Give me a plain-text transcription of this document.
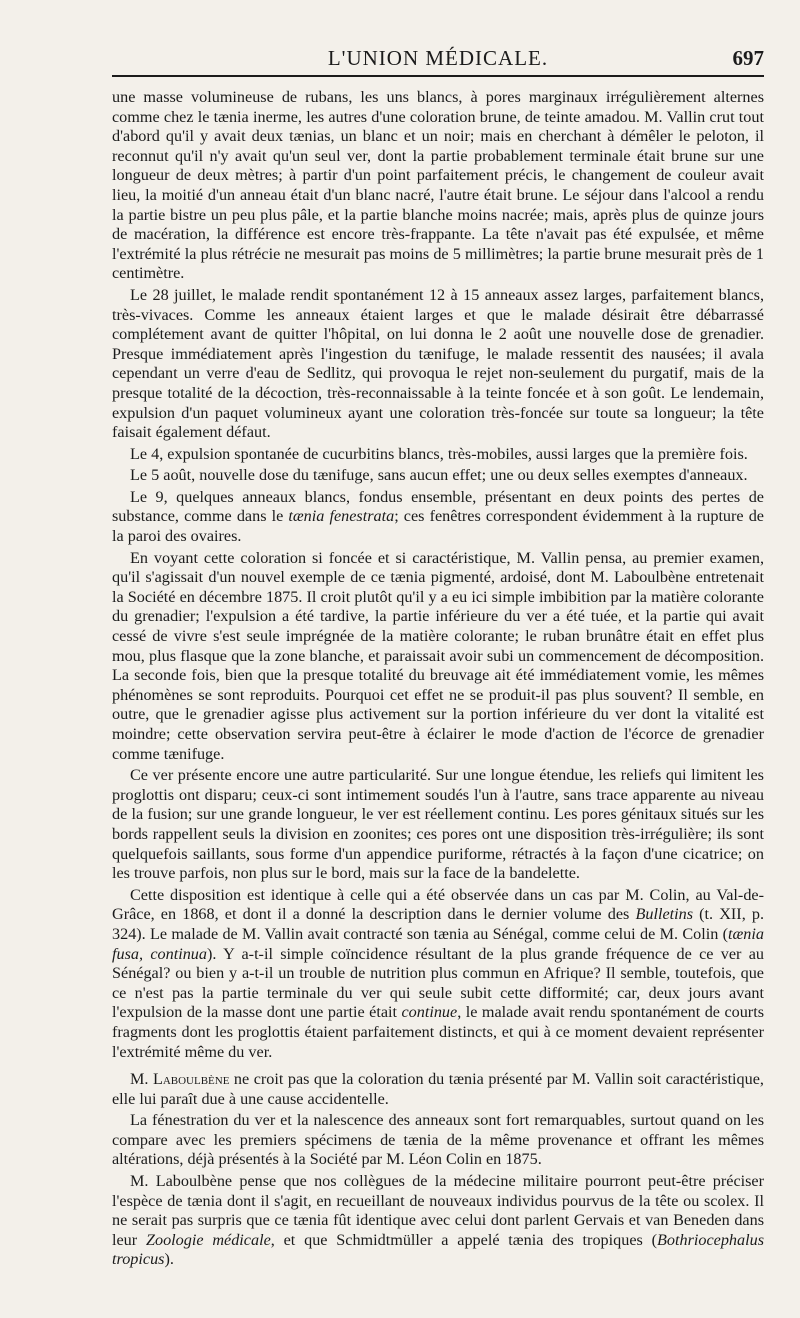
L'UNION MÉDICALE.	697

une masse volumineuse de rubans, les uns blancs, à pores marginaux irrégulièrement alternes comme chez le tænia inerme, les autres d'une coloration brune, de teinte amadou. M. Vallin crut tout d'abord qu'il y avait deux tænias, un blanc et un noir; mais en cherchant à démêler le peloton, il reconnut qu'il n'y avait qu'un seul ver, dont la partie probablement terminale était brune sur une longueur de deux mètres; à partir d'un point parfaitement précis, le changement de couleur avait lieu, la moitié d'un anneau était d'un blanc nacré, l'autre était brune. Le séjour dans l'alcool a rendu la partie bistre un peu plus pâle, et la partie blanche moins nacrée; mais, après plus de quinze jours de macération, la différence est encore très-frappante. La tête n'avait pas été expulsée, et même l'extrémité la plus rétrécie ne mesurait pas moins de 5 millimètres; la partie brune mesurait près de 1 centimètre.

Le 28 juillet, le malade rendit spontanément 12 à 15 anneaux assez larges, parfaitement blancs, très-vivaces. Comme les anneaux étaient larges et que le malade désirait être débarrassé complétement avant de quitter l'hôpital, on lui donna le 2 août une nouvelle dose de grenadier. Presque immédiatement après l'ingestion du tænifuge, le malade ressentit des nausées; il avala cependant un verre d'eau de Sedlitz, qui provoqua le rejet non-seulement du purgatif, mais de la presque totalité de la décoction, très-reconnaissable à la teinte foncée et à son goût. Le lendemain, expulsion d'un paquet volumineux ayant une coloration très-foncée sur toute sa longueur; la tête faisait également défaut.

Le 4, expulsion spontanée de cucurbitins blancs, très-mobiles, aussi larges que la première fois.

Le 5 août, nouvelle dose du tænifuge, sans aucun effet; une ou deux selles exemptes d'anneaux.

Le 9, quelques anneaux blancs, fondus ensemble, présentant en deux points des pertes de substance, comme dans le tænia fenestrata; ces fenêtres correspondent évidemment à la rupture de la paroi des ovaires.

En voyant cette coloration si foncée et si caractéristique, M. Vallin pensa, au premier examen, qu'il s'agissait d'un nouvel exemple de ce tænia pigmenté, ardoisé, dont M. Laboulbène entretenait la Société en décembre 1875. Il croit plutôt qu'il y a eu ici simple imbibition par la matière colorante du grenadier; l'expulsion a été tardive, la partie inférieure du ver a été tuée, et la partie qui avait cessé de vivre s'est seule imprégnée de la matière colorante; le ruban brunâtre était en effet plus mou, plus flasque que la zone blanche, et paraissait avoir subi un commencement de décomposition. La seconde fois, bien que la presque totalité du breuvage ait été immédiatement vomie, les mêmes phénomènes se sont reproduits. Pourquoi cet effet ne se produit-il pas plus souvent? Il semble, en outre, que le grenadier agisse plus activement sur la portion inférieure du ver dont la vitalité est moindre; cette observation servira peut-être à éclairer le mode d'action de l'écorce de grenadier comme tænifuge.

Ce ver présente encore une autre particularité. Sur une longue étendue, les reliefs qui limitent les proglottis ont disparu; ceux-ci sont intimement soudés l'un à l'autre, sans trace apparente au niveau de la fusion; sur une grande longueur, le ver est réellement continu. Les pores génitaux situés sur les bords rappellent seuls la division en zoonites; ces pores ont une disposition très-irrégulière; ils sont quelquefois saillants, sous forme d'un appendice puriforme, rétractés à la façon d'une cicatrice; on les trouve parfois, non plus sur le bord, mais sur la face de la bandelette.

Cette disposition est identique à celle qui a été observée dans un cas par M. Colin, au Val-de-Grâce, en 1868, et dont il a donné la description dans le dernier volume des Bulletins (t. XII, p. 324). Le malade de M. Vallin avait contracté son tænia au Sénégal, comme celui de M. Colin (tænia fusa, continua). Y a-t-il simple coïncidence résultant de la plus grande fréquence de ce ver au Sénégal? ou bien y a-t-il un trouble de nutrition plus commun en Afrique? Il semble, toutefois, que ce n'est pas la partie terminale du ver qui seule subit cette difformité; car, deux jours avant l'expulsion de la masse dont une partie était continue, le malade avait rendu spontanément de courts fragments dont les proglottis étaient parfaitement distincts, et qui à ce moment devaient représenter l'extrémité même du ver.

M. Laboulbène ne croit pas que la coloration du tænia présenté par M. Vallin soit caractéristique, elle lui paraît due à une cause accidentelle.

La fénestration du ver et la nalescence des anneaux sont fort remarquables, surtout quand on les compare avec les premiers spécimens de tænia de la même provenance et offrant les mêmes altérations, déjà présentés à la Société par M. Léon Colin en 1875.

M. Laboulbène pense que nos collègues de la médecine militaire pourront peut-être préciser l'espèce de tænia dont il s'agit, en recueillant de nouveaux individus pourvus de la tête ou scolex. Il ne serait pas surpris que ce tænia fût identique avec celui dont parlent Gervais et van Beneden dans leur Zoologie médicale, et que Schmidtmüller a appelé tænia des tropiques (Bothriocephalus tropicus).
